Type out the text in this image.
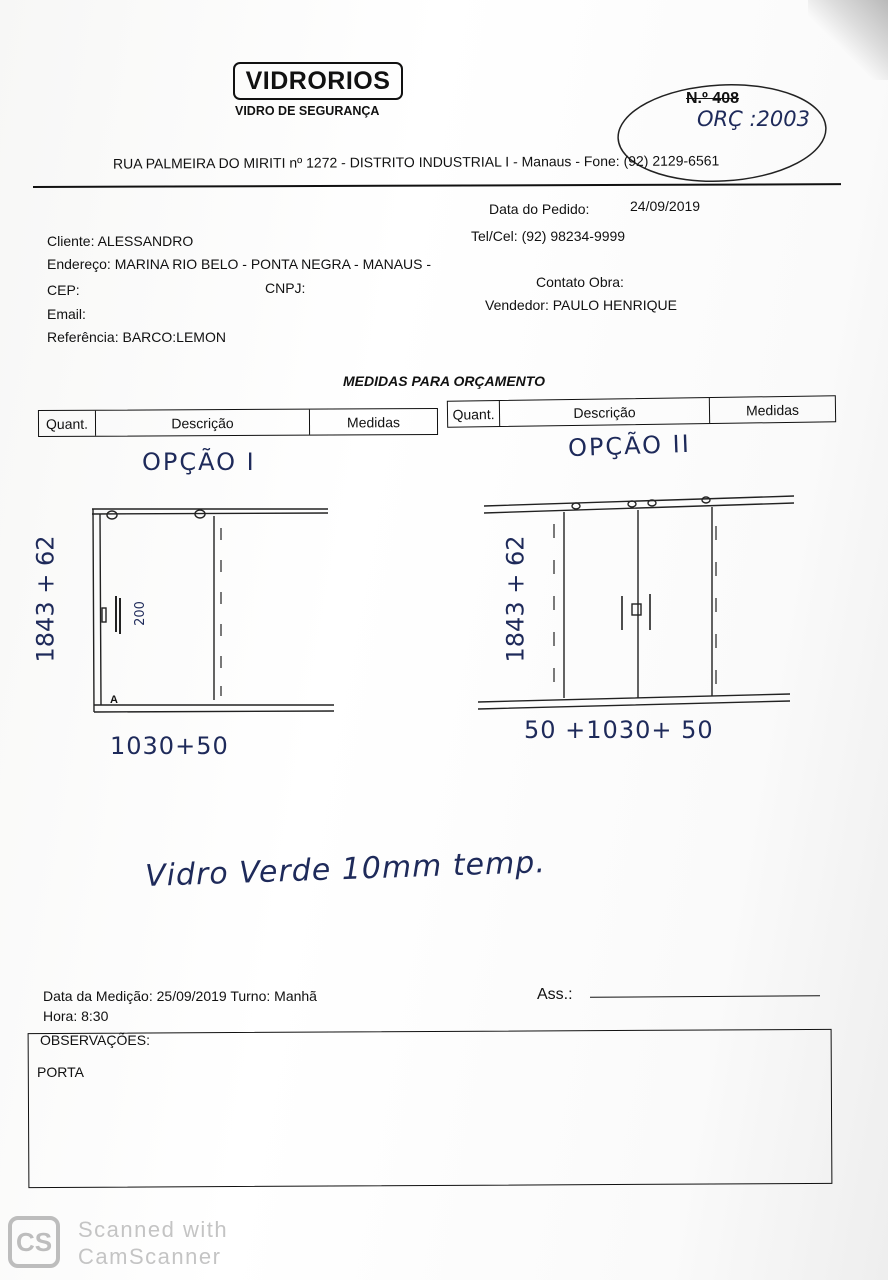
VIDRORIOS
VIDRO DE SEGURANÇA
N.º 408
ORÇ :2003
RUA PALMEIRA DO MIRITI nº 1272 - DISTRITO INDUSTRIAL I - Manaus - Fone: (92) 2129-6561
Data do Pedido:	24/09/2019
Cliente: ALESSANDRO	Tel/Cel: (92) 98234-9999
Endereço: MARINA RIO BELO - PONTA NEGRA - MANAUS -
CEP:	CNPJ:	Contato Obra:
Email:
Vendedor: PAULO HENRIQUE
Referência: BARCO:LEMON
MEDIDAS PARA ORÇAMENTO
Quant.	Descrição	Medidas	Quant.	Descrição	Medidas
OPÇÃO I
A
200
1843 + 62
1030+50
OPÇÃO II
1843 + 62
50 +1030+ 50
Vidro Verde 10mm temp.
Data da Medição: 25/09/2019 Turno: Manhã
Hora: 8:30
Ass.:
OBSERVAÇÕES:
PORTA
CS	Scanned with
CamScanner
